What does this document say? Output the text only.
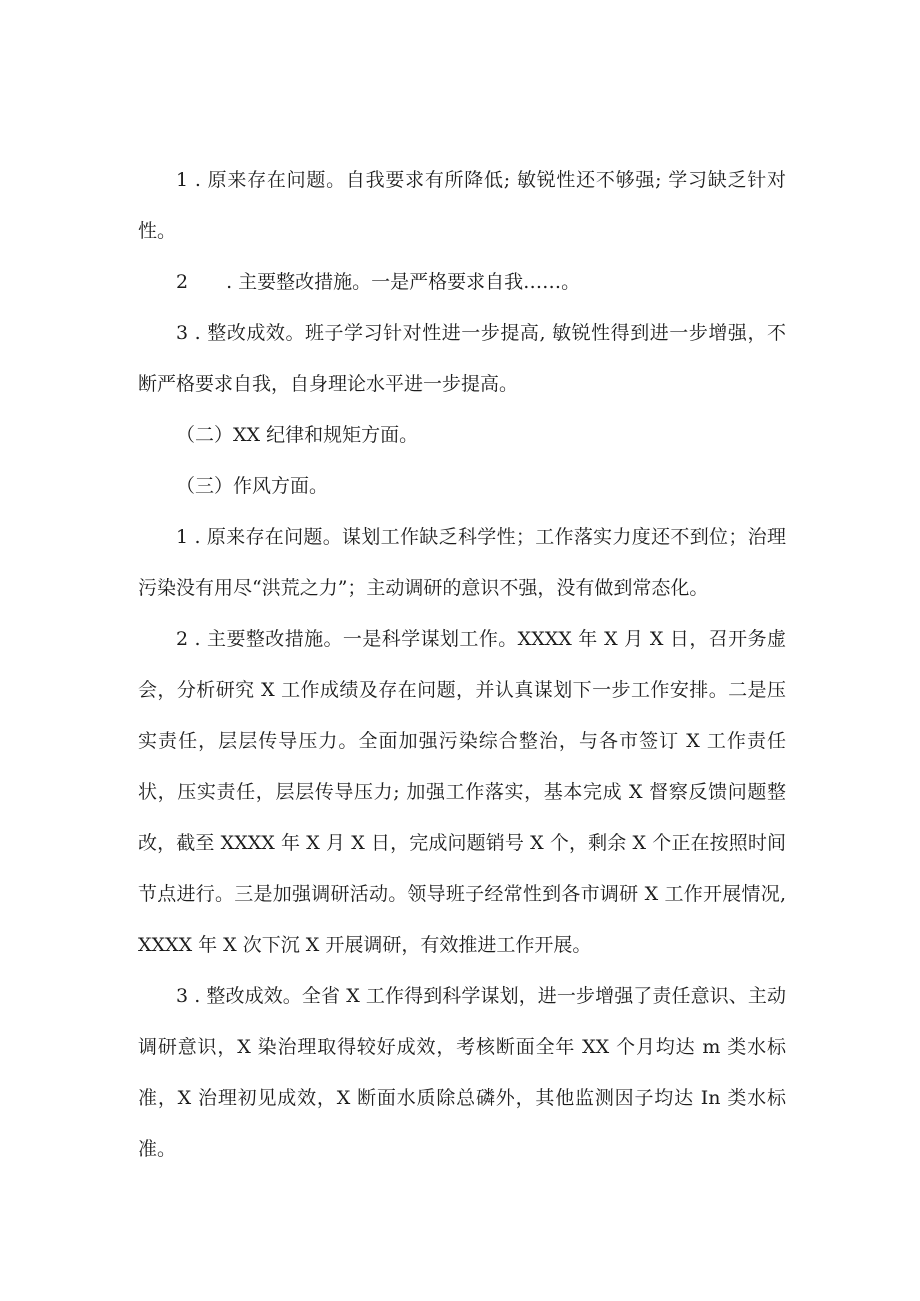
1 . 原来存在问题。自我要求有所降低; 敏锐性还不够强; 学习缺乏针对性。

2　　. 主要整改措施。一是严格要求自我……。

3 . 整改成效。班子学习针对性进一步提高, 敏锐性得到进一步增强，不断严格要求自我，自身理论水平进一步提高。

（二）XX 纪律和规矩方面。

（三）作风方面。

1 . 原来存在问题。谋划工作缺乏科学性；工作落实力度还不到位；治理污染没有用尽“洪荒之力”；主动调研的意识不强，没有做到常态化。

2 . 主要整改措施。一是科学谋划工作。XXXX 年 X 月 X 日，召开务虚会，分析研究 X 工作成绩及存在问题，并认真谋划下一步工作安排。二是压实责任，层层传导压力。全面加强污染综合整治，与各市签订 X 工作责任状，压实责任，层层传导压力; 加强工作落实，基本完成 X 督察反馈问题整改，截至 XXXX 年 X 月 X 日，完成问题销号 X 个，剩余 X 个正在按照时间节点进行。三是加强调研活动。领导班子经常性到各市调研 X 工作开展情况, XXXX 年 X 次下沉 X 开展调研，有效推进工作开展。

3 . 整改成效。全省 X 工作得到科学谋划，进一步增强了责任意识、主动调研意识，X 染治理取得较好成效，考核断面全年 XX 个月均达 m 类水标准，X 治理初见成效，X 断面水质除总磷外，其他监测因子均达 In 类水标准。
